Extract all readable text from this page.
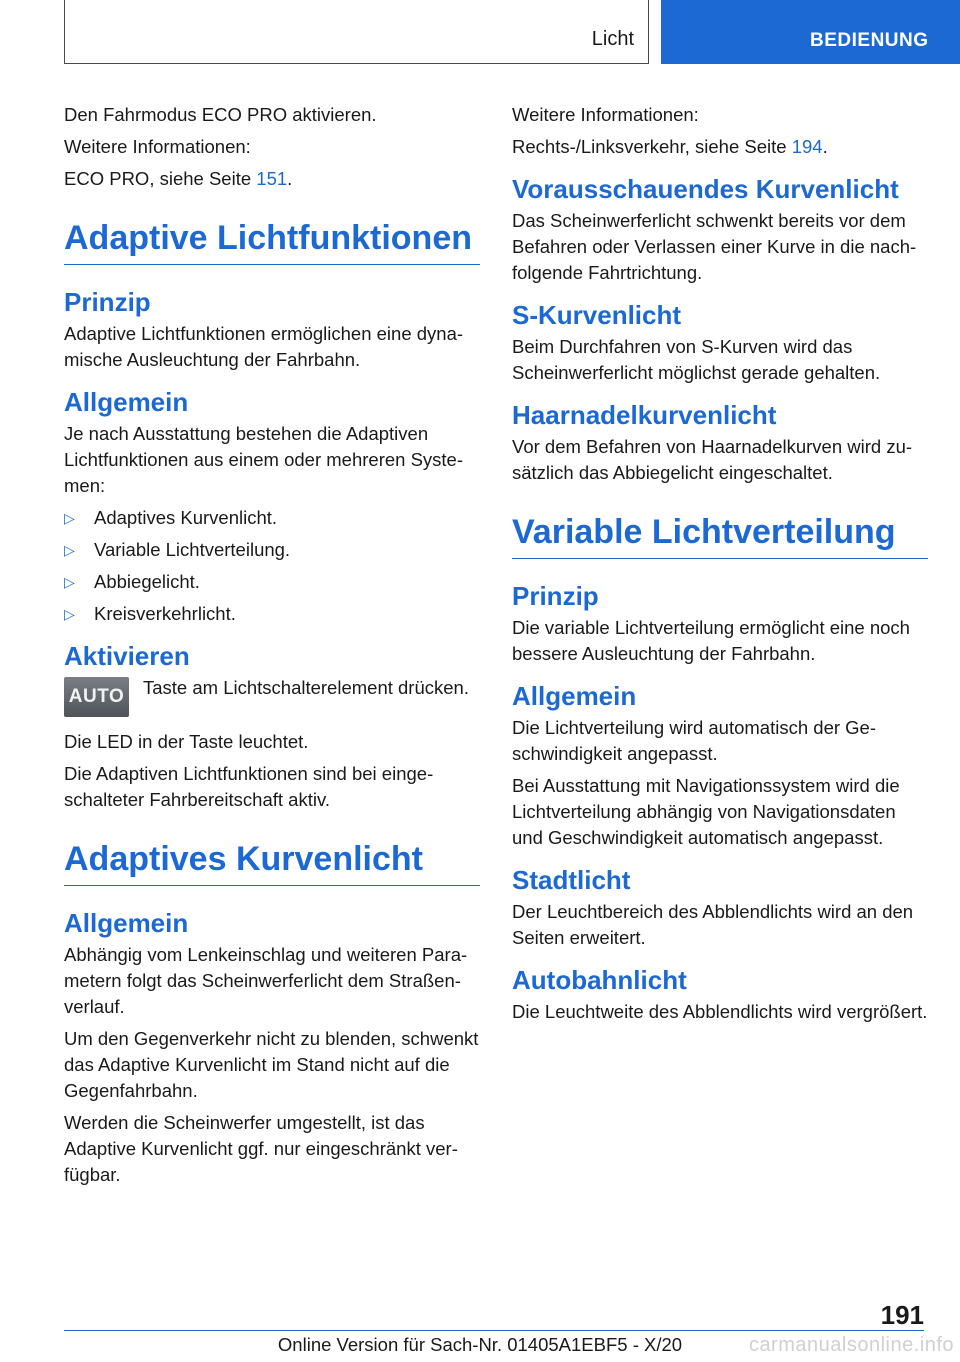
Licht	BEDIENUNG

Den Fahrmodus ECO PRO aktivieren.

Weitere Informationen:

ECO PRO, siehe Seite 151.

Adaptive Lichtfunktionen
Prinzip

Adaptive Lichtfunktionen ermöglichen eine dynamische Ausleuchtung der Fahrbahn.

Allgemein

Je nach Ausstattung bestehen die Adaptiven Lichtfunktionen aus einem oder mehreren Systemen:

▷ Adaptives Kurvenlicht.
▷ Variable Lichtverteilung.
▷ Abbiegelicht.
▷ Kreisverkehrlicht.
Aktivieren
AUTO Taste am Lichtschalterelement drücken.

Die LED in der Taste leuchtet.

Die Adaptiven Lichtfunktionen sind bei eingeschalteter Fahrbereitschaft aktiv.

Adaptives Kurvenlicht
Allgemein

Abhängig vom Lenkeinschlag und weiteren Parametern folgt das Scheinwerferlicht dem Straßenverlauf.

Um den Gegenverkehr nicht zu blenden, schwenkt das Adaptive Kurvenlicht im Stand nicht auf die Gegenfahrbahn.

Werden die Scheinwerfer umgestellt, ist das Adaptive Kurvenlicht ggf. nur eingeschränkt verfügbar.

Weitere Informationen:

Rechts-/Linksverkehr, siehe Seite 194.

Vorausschauendes Kurvenlicht

Das Scheinwerferlicht schwenkt bereits vor dem Befahren oder Verlassen einer Kurve in die nachfolgende Fahrtrichtung.

S-Kurvenlicht

Beim Durchfahren von S-Kurven wird das Scheinwerferlicht möglichst gerade gehalten.

Haarnadelkurvenlicht

Vor dem Befahren von Haarnadelkurven wird zusätzlich das Abbiegelicht eingeschaltet.

Variable Lichtverteilung
Prinzip

Die variable Lichtverteilung ermöglicht eine noch bessere Ausleuchtung der Fahrbahn.

Allgemein

Die Lichtverteilung wird automatisch der Geschwindigkeit angepasst.

Bei Ausstattung mit Navigationssystem wird die Lichtverteilung abhängig von Navigationsdaten und Geschwindigkeit automatisch angepasst.

Stadtlicht

Der Leuchtbereich des Abblendlichts wird an den Seiten erweitert.

Autobahnlicht

Die Leuchtweite des Abblendlichts wird vergrößert.

191
Online Version für Sach-Nr. 01405A1EBF5 - X/20	carmanualsonline.info
